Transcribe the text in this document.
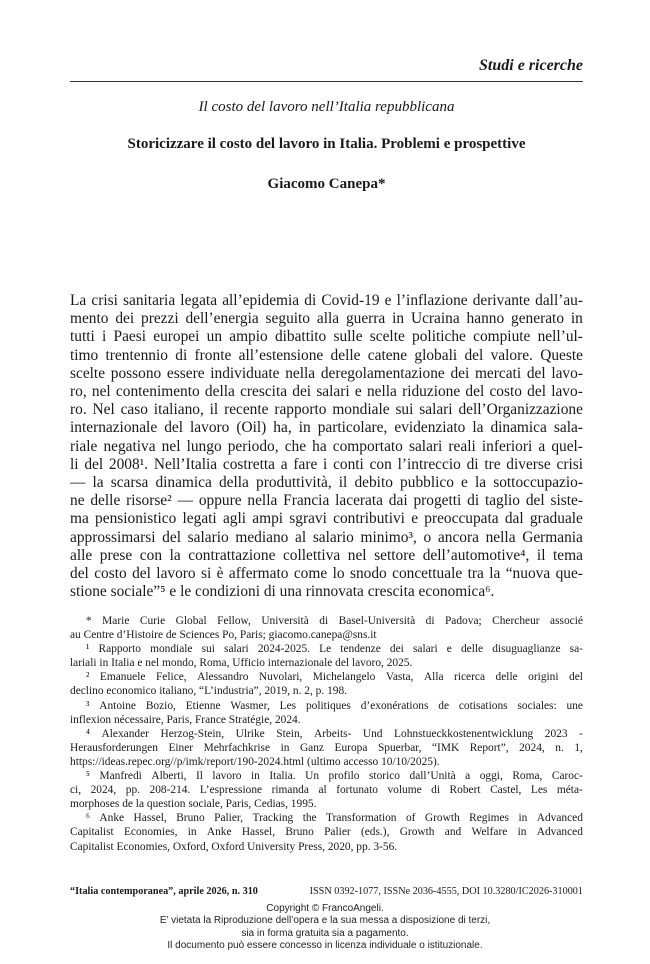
Studi e ricerche
Il costo del lavoro nell’Italia repubblicana
Storicizzare il costo del lavoro in Italia. Problemi e prospettive
Giacomo Canepa*
La crisi sanitaria legata all’epidemia di Covid-19 e l’inflazione derivante dall’au-
mento dei prezzi dell’energia seguito alla guerra in Ucraina hanno generato in
tutti i Paesi europei un ampio dibattito sulle scelte politiche compiute nell’ul-
timo trentennio di fronte all’estensione delle catene globali del valore. Queste
scelte possono essere individuate nella deregolamentazione dei mercati del lavo-
ro, nel contenimento della crescita dei salari e nella riduzione del costo del lavo-
ro. Nel caso italiano, il recente rapporto mondiale sui salari dell’Organizzazione
internazionale del lavoro (Oil) ha, in particolare, evidenziato la dinamica sala-
riale negativa nel lungo periodo, che ha comportato salari reali inferiori a quel-
li del 2008¹. Nell’Italia costretta a fare i conti con l’intreccio di tre diverse crisi
— la scarsa dinamica della produttività, il debito pubblico e la sottoccupazio-
ne delle risorse² — oppure nella Francia lacerata dai progetti di taglio del siste-
ma pensionistico legati agli ampi sgravi contributivi e preoccupata dal graduale
approssimarsi del salario mediano al salario minimo³, o ancora nella Germania
alle prese con la contrattazione collettiva nel settore dell’automotive⁴, il tema
del costo del lavoro si è affermato come lo snodo concettuale tra la “nuova que-
stione sociale”⁵ e le condizioni di una rinnovata crescita economica⁶.
* Marie Curie Global Fellow, Università di Basel-Università di Padova; Chercheur associé
au Centre d’Histoire de Sciences Po, Paris; giacomo.canepa@sns.it
¹ Rapporto mondiale sui salari 2024-2025. Le tendenze dei salari e delle disuguaglianze sa-
lariali in Italia e nel mondo, Roma, Ufficio internazionale del lavoro, 2025.
² Emanuele Felice, Alessandro Nuvolari, Michelangelo Vasta, Alla ricerca delle origini del
declino economico italiano, “L’industria”, 2019, n. 2, p. 198.
³ Antoine Bozio, Etienne Wasmer, Les politiques d’exonérations de cotisations sociales: une
inflexion nécessaire, Paris, France Stratégie, 2024.
⁴ Alexander Herzog-Stein, Ulrike Stein, Arbeits- Und Lohnstueckkostenentwicklung 2023 -
Herausforderungen Einer Mehrfachkrise in Ganz Europa Spuerbar, “IMK Report”, 2024, n. 1,
https://ideas.repec.org//p/imk/report/190-2024.html (ultimo accesso 10/10/2025).
⁵ Manfredi Alberti, Il lavoro in Italia. Un profilo storico dall’Unità a oggi, Roma, Caroc-
ci, 2024, pp. 208-214. L’espressione rimanda al fortunato volume di Robert Castel, Les méta-
morphoses de la question sociale, Paris, Cedias, 1995.
⁶ Anke Hassel, Bruno Palier, Tracking the Transformation of Growth Regimes in Advanced
Capitalist Economies, in Anke Hassel, Bruno Palier (eds.), Growth and Welfare in Advanced
Capitalist Economies, Oxford, Oxford University Press, 2020, pp. 3-56.
“Italia contemporanea”, aprile 2026, n. 310	ISSN 0392-1077, ISSNe 2036-4555, DOI 10.3280/IC2026-310001
Copyright © FrancoAngeli.
E’ vietata la Riproduzione dell’opera e la sua messa a disposizione di terzi,
sia in forma gratuita sia a pagamento.
Il documento può essere concesso in licenza individuale o istituzionale.
